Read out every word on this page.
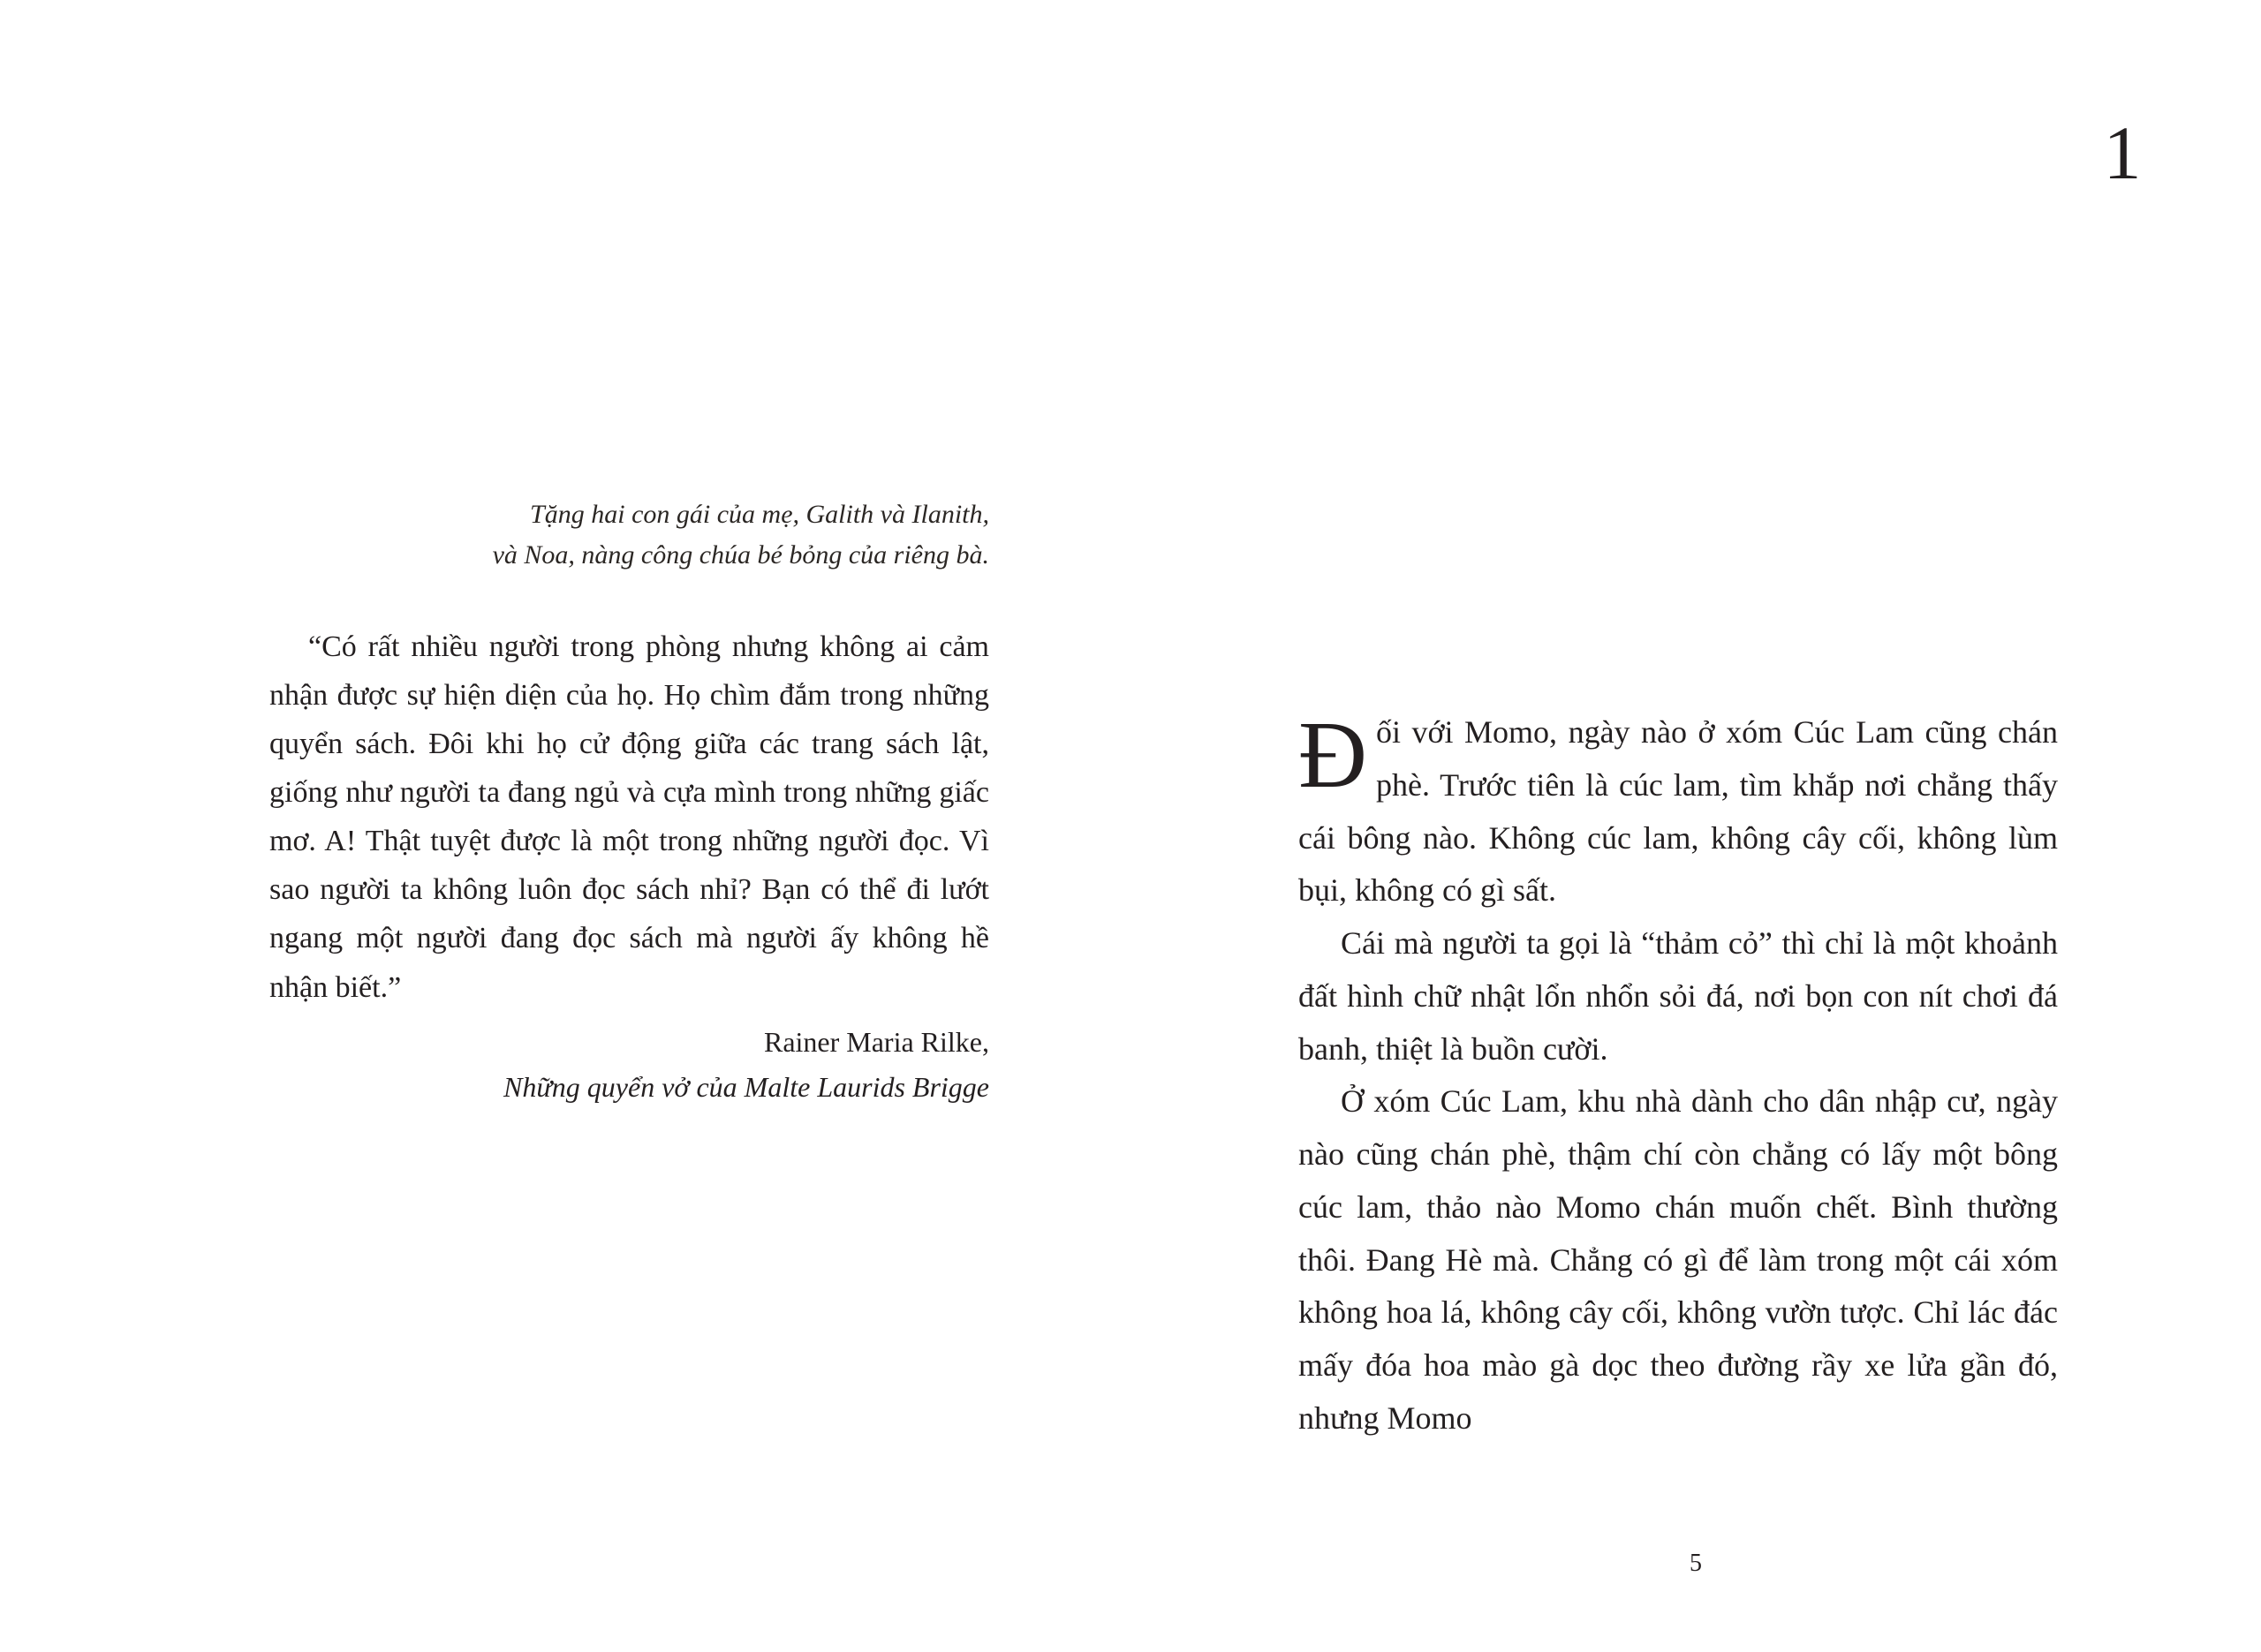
Tặng hai con gái của mẹ, Galith và Ilanith,
và Noa, nàng công chúa bé bỏng của riêng bà.

“Có rất nhiều người trong phòng nhưng không ai cảm nhận được sự hiện diện của họ. Họ chìm đắm trong những quyển sách. Đôi khi họ cử động giữa các trang sách lật, giống như người ta đang ngủ và cựa mình trong những giấc mơ. A! Thật tuyệt được là một trong những người đọc. Vì sao người ta không luôn đọc sách nhỉ? Bạn có thể đi lướt ngang một người đang đọc sách mà người ấy không hề nhận biết.”

Rainer Maria Rilke,
Những quyển vở của Malte Laurids Brigge
1

Đối với Momo, ngày nào ở xóm Cúc Lam cũng chán phè. Trước tiên là cúc lam, tìm khắp nơi chẳng thấy cái bông nào. Không cúc lam, không cây cối, không lùm bụi, không có gì sất.

Cái mà người ta gọi là “thảm cỏ” thì chỉ là một khoảnh đất hình chữ nhật lổn nhổn sỏi đá, nơi bọn con nít chơi đá banh, thiệt là buồn cười.

Ở xóm Cúc Lam, khu nhà dành cho dân nhập cư, ngày nào cũng chán phè, thậm chí còn chẳng có lấy một bông cúc lam, thảo nào Momo chán muốn chết. Bình thường thôi. Đang Hè mà. Chẳng có gì để làm trong một cái xóm không hoa lá, không cây cối, không vườn tược. Chỉ lác đác mấy đóa hoa mào gà dọc theo đường rầy xe lửa gần đó, nhưng Momo

5
